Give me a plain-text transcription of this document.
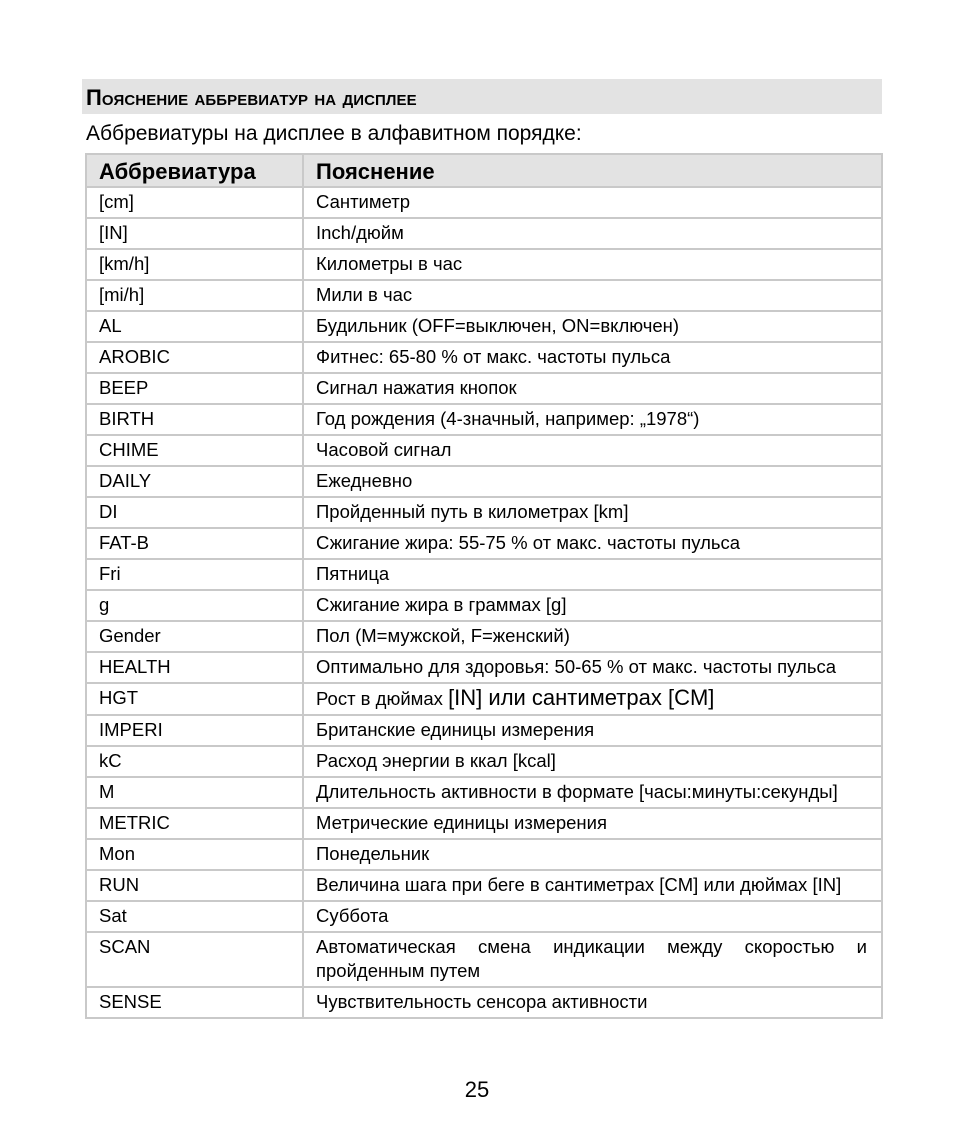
Пояснение аббревиатур на дисплее
Аббревиатуры на дисплее в алфавитном порядке:
Аббревиатура	Пояснение
[cm]	Сантиметр
[IN]	Inch/дюйм
[km/h]	Километры в час
[mi/h]	Мили в час
AL	Будильник (OFF=выключен, ON=включен)
AROBIC	Фитнес: 65-80 % от макс. частоты пульса
BEEP	Сигнал нажатия кнопок
BIRTH	Год рождения (4-значный, например: „1978“)
CHIME	Часовой сигнал
DAILY	Ежедневно
DI	Пройденный путь в километрах [km]
FAT-B	Сжигание жира: 55-75 % от макс. частоты пульса
Fri	Пятница
g	Сжигание жира в граммах [g]
Gender	Пол (M=мужской, F=женский)
HEALTH	Оптимально для здоровья: 50-65 % от макс. частоты пульса
HGT	Рост в дюймах [IN] или сантиметрах [CM]
IMPERI	Британские единицы измерения
kC	Расход энергии в ккал [kcal]
M	Длительность активности в формате [часы:минуты:секунды]
METRIC	Метрические единицы измерения
Mon	Понедельник
RUN	Величина шага при беге в сантиметрах [CM] или дюймах [IN]
Sat	Суббота
SCAN	Автоматическая смена индикации между скоростью и пройденным путем
SENSE	Чувствительность сенсора активности
25
